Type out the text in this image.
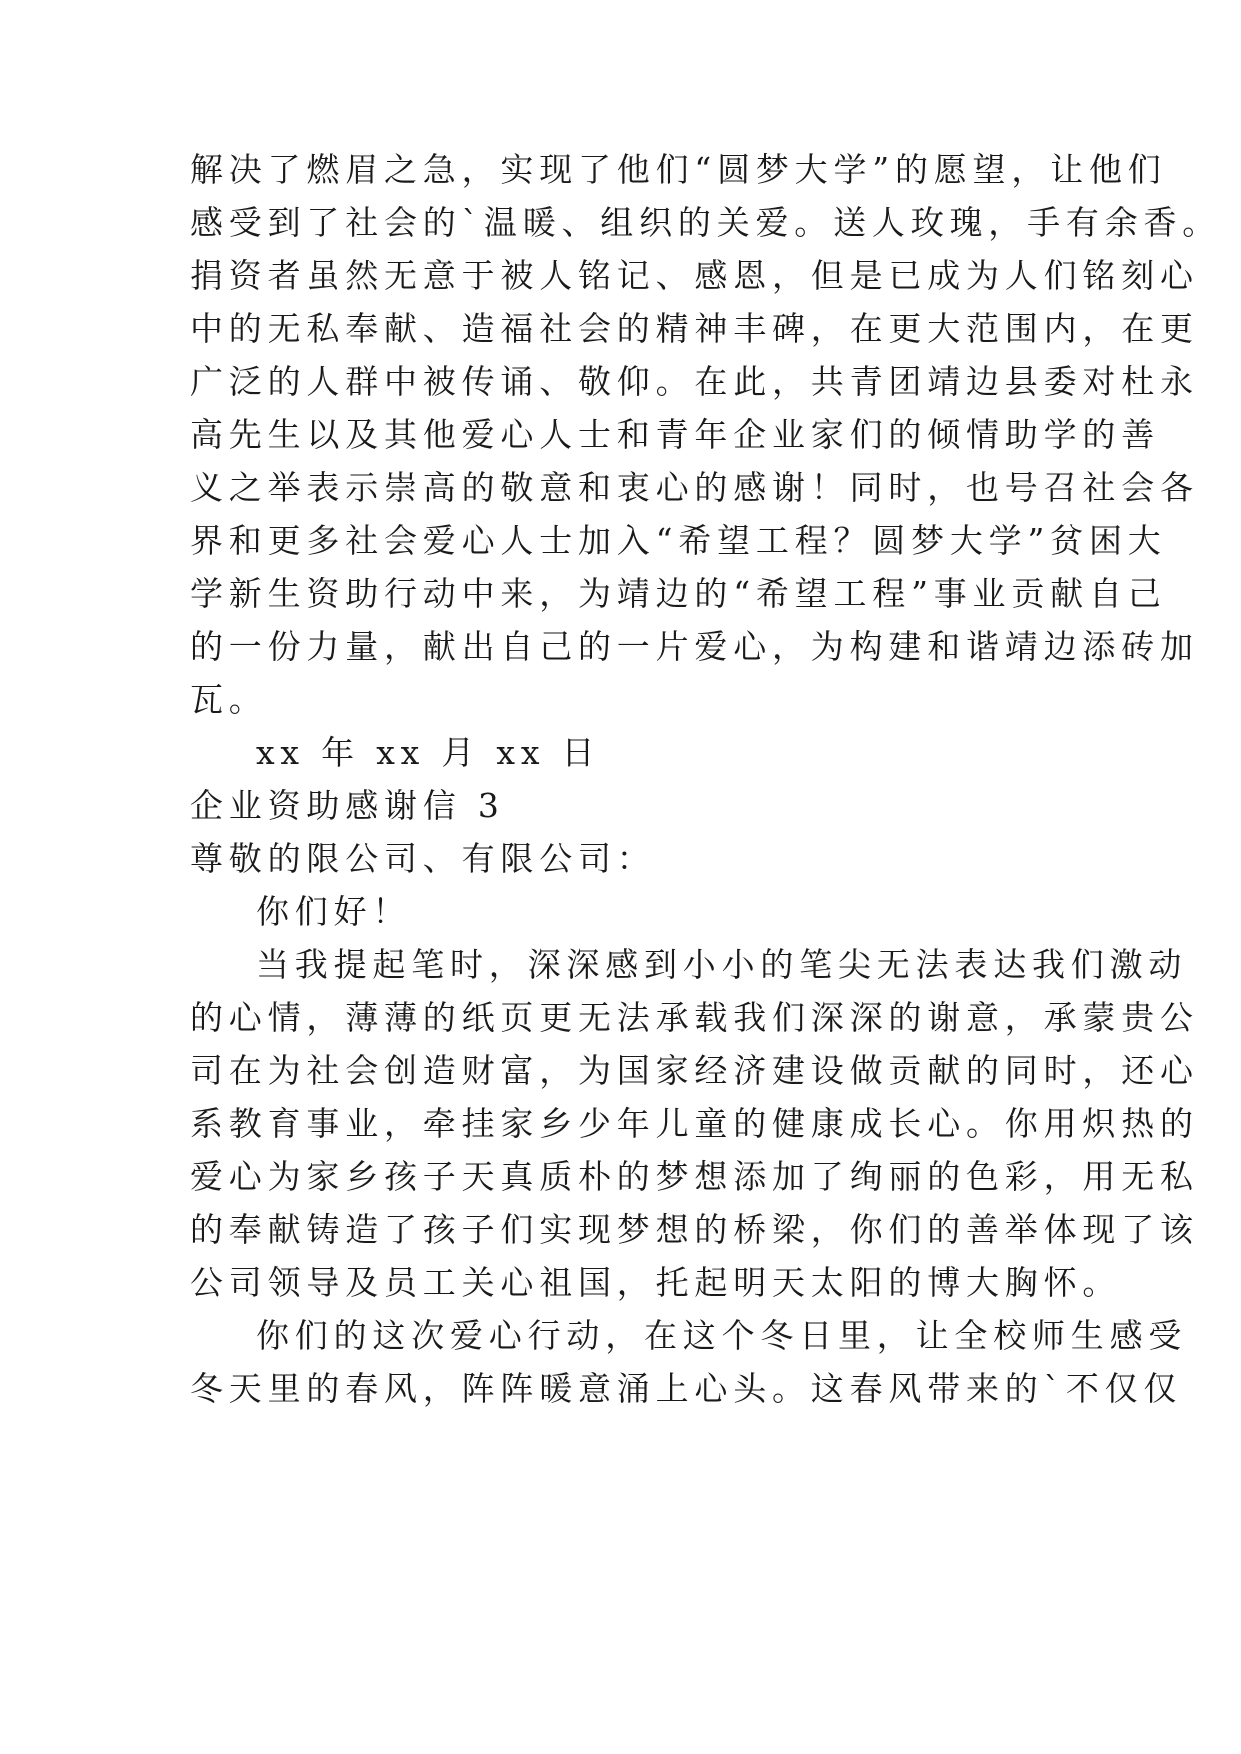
解决了燃眉之急，实现了他们“圆梦大学”的愿望，让他们
感受到了社会的`温暖、组织的关爱。送人玫瑰，手有余香。
捐资者虽然无意于被人铭记、感恩，但是已成为人们铭刻心
中的无私奉献、造福社会的精神丰碑，在更大范围内，在更
广泛的人群中被传诵、敬仰。在此，共青团靖边县委对杜永
高先生以及其他爱心人士和青年企业家们的倾情助学的善
义之举表示崇高的敬意和衷心的感谢！同时，也号召社会各
界和更多社会爱心人士加入“希望工程？圆梦大学”贫困大
学新生资助行动中来，为靖边的“希望工程”事业贡献自己
的一份力量，献出自己的一片爱心，为构建和谐靖边添砖加
瓦。
xx 年 xx 月 xx 日
企业资助感谢信 3
尊敬的限公司、有限公司：
你们好！
当我提起笔时，深深感到小小的笔尖无法表达我们激动
的心情，薄薄的纸页更无法承载我们深深的谢意，承蒙贵公
司在为社会创造财富，为国家经济建设做贡献的同时，还心
系教育事业，牵挂家乡少年儿童的健康成长心。你用炽热的
爱心为家乡孩子天真质朴的梦想添加了绚丽的色彩，用无私
的奉献铸造了孩子们实现梦想的桥梁，你们的善举体现了该
公司领导及员工关心祖国，托起明天太阳的博大胸怀。
你们的这次爱心行动，在这个冬日里，让全校师生感受
冬天里的春风，阵阵暖意涌上心头。这春风带来的`不仅仅
